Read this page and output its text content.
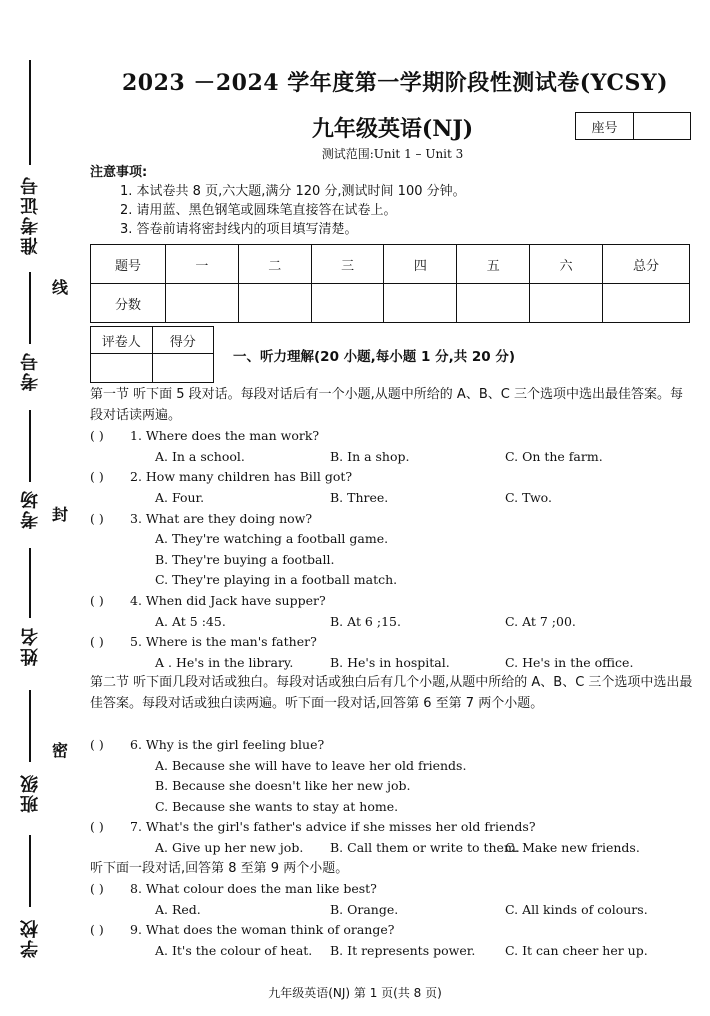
准考证号
考号
考场
姓名
班级
学校
线
封
密
2023 －2024 学年度第一学期阶段性测试卷(YCSY)
九年级英语(NJ)	座号
测试范围:Unit 1 – Unit 3
注意事项:
1. 本试卷共 8 页,六大题,满分 120 分,测试时间 100 分钟。
2. 请用蓝、黑色钢笔或圆珠笔直接答在试卷上。
3. 答卷前请将密封线内的项目填写清楚。
题号	一	二	三	四	五	六	总分
分数							
评卷人	得分

一、听力理解(20 小题,每小题 1 分,共 20 分)
第一节 听下面 5 段对话。每段对话后有一个小题,从题中所给的 A、B、C 三个选项中选出最佳答案。每段对话读两遍。
( ) 1. Where does the man work?
A. In a school.	B. In a shop.	C. On the farm.
( ) 2. How many children has Bill got?
A. Four.	B. Three.	C. Two.
( ) 3. What are they doing now?
A. They're watching a football game.
B. They're buying a football.
C. They're playing in a football match.
( ) 4. When did Jack have supper?
A. At 5 :45.	B. At 6 ;15.	C. At 7 ;00.
( ) 5. Where is the man's father?
A . He's in the library.	B. He's in hospital.	C. He's in the office.
第二节 听下面几段对话或独白。每段对话或独白后有几个小题,从题中所给的 A、B、C 三个选项中选出最佳答案。每段对话或独白读两遍。听下面一段对话,回答第 6 至第 7 两个小题。
( ) 6. Why is the girl feeling blue?
A. Because she will have to leave her old friends.
B. Because she doesn't like her new job.
C. Because she wants to stay at home.
( ) 7. What's the girl's father's advice if she misses her old friends?
A. Give up her new job. B. Call them or write to them.
C. Make new friends.
听下面一段对话,回答第 8 至第 9 两个小题。
( ) 8. What colour does the man like best?
A. Red.	B. Orange.	C. All kinds of colours.
( ) 9. What does the woman think of orange?
A. It's the colour of heat. B. It represents power. C. It can cheer her up.
九年级英语(NJ) 第 1 页(共 8 页)
